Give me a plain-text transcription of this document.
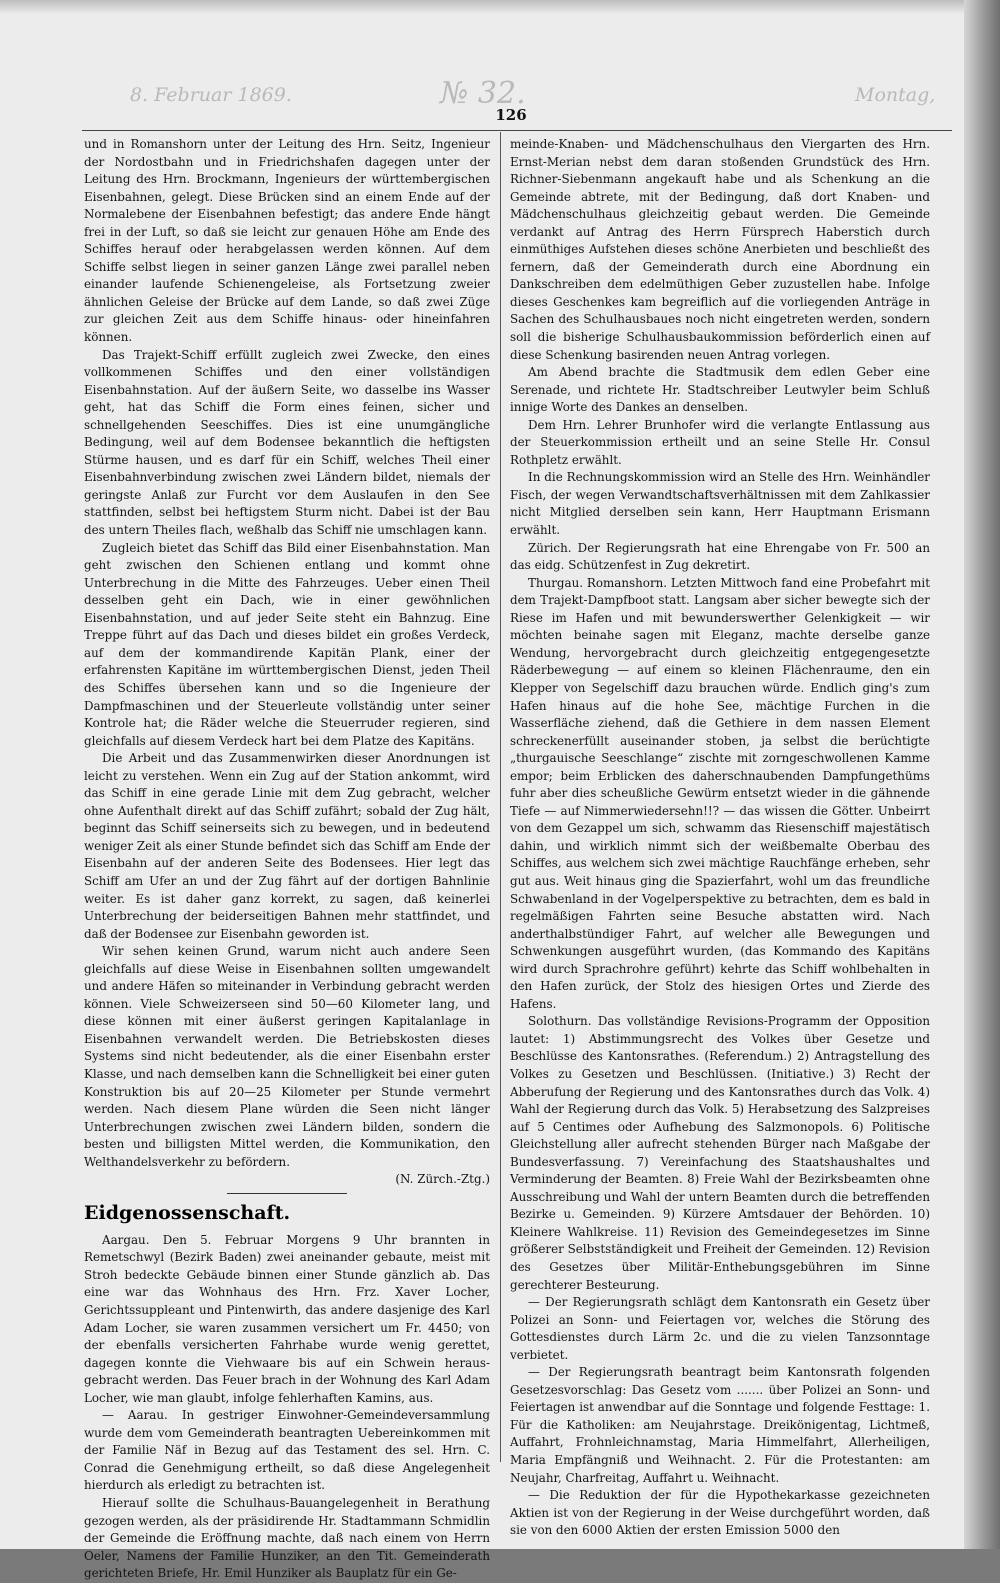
8. Februar 1869.	№ 32.	Montag,
126

und in Romanshorn unter der Leitung des Hrn. Seitz, Ingenieur der Nordostbahn und in Friedrichshafen dagegen unter der Leitung des Hrn. Brockmann, Ingenieurs der württembergischen Eisenbahnen, gelegt. Diese Brücken sind an einem Ende auf der Normalebene der Eisenbahnen befestigt; das andere Ende hängt frei in der Luft, so daß sie leicht zur genauen Höhe am Ende des Schiffes herauf oder herabgelassen werden können. Auf dem Schiffe selbst liegen in seiner ganzen Länge zwei parallel neben einander laufende Schienengeleise, als Fortsetzung zweier ähnlichen Geleise der Brücke auf dem Lande, so daß zwei Züge zur gleichen Zeit aus dem Schiffe hinaus- oder hineinfahren können.

Das Trajekt-Schiff erfüllt zugleich zwei Zwecke, den eines vollkommenen Schiffes und den einer vollständigen Eisenbahnstation. Auf der äußern Seite, wo dasselbe ins Wasser geht, hat das Schiff die Form eines feinen, sicher und schnellgehenden Seeschiffes. Dies ist eine unumgängliche Bedingung, weil auf dem Bodensee bekanntlich die heftigsten Stürme hausen, und es darf für ein Schiff, welches Theil einer Eisenbahnverbindung zwischen zwei Ländern bildet, niemals der geringste Anlaß zur Furcht vor dem Auslaufen in den See stattfinden, selbst bei heftigstem Sturm nicht. Dabei ist der Bau des untern Theiles flach, weßhalb das Schiff nie umschlagen kann.

Zugleich bietet das Schiff das Bild einer Eisenbahnstation. Man geht zwischen den Schienen entlang und kommt ohne Unterbrechung in die Mitte des Fahrzeuges. Ueber einen Theil desselben geht ein Dach, wie in einer gewöhnlichen Eisenbahnstation, und auf jeder Seite steht ein Bahnzug. Eine Treppe führt auf das Dach und dieses bildet ein großes Verdeck, auf dem der kommandirende Kapitän Plank, einer der erfahrensten Kapitäne im württembergischen Dienst, jeden Theil des Schiffes übersehen kann und so die Ingenieure der Dampfmaschinen und der Steuerleute vollständig unter seiner Kontrole hat; die Räder welche die Steuerruder regieren, sind gleichfalls auf diesem Verdeck hart bei dem Platze des Kapitäns.

Die Arbeit und das Zusammenwirken dieser Anordnungen ist leicht zu verstehen. Wenn ein Zug auf der Station ankommt, wird das Schiff in eine gerade Linie mit dem Zug gebracht, welcher ohne Aufenthalt direkt auf das Schiff zufährt; sobald der Zug hält, beginnt das Schiff seinerseits sich zu bewegen, und in bedeutend weniger Zeit als einer Stunde befindet sich das Schiff am Ende der Eisenbahn auf der anderen Seite des Bodensees. Hier legt das Schiff am Ufer an und der Zug fährt auf der dortigen Bahnlinie weiter. Es ist daher ganz korrekt, zu sagen, daß keinerlei Unterbrechung der beiderseitigen Bahnen mehr stattfindet, und daß der Bodensee zur Eisenbahn geworden ist.

Wir sehen keinen Grund, warum nicht auch andere Seen gleichfalls auf diese Weise in Eisenbahnen sollten umgewandelt und andere Häfen so miteinander in Verbindung gebracht werden können. Viele Schweizerseen sind 50—60 Kilometer lang, und diese können mit einer äußerst geringen Kapitalanlage in Eisenbahnen verwandelt werden. Die Betriebskosten dieses Systems sind nicht bedeutender, als die einer Eisenbahn erster Klasse, und nach demselben kann die Schnelligkeit bei einer guten Konstruktion bis auf 20—25 Kilometer per Stunde vermehrt werden. Nach diesem Plane würden die Seen nicht länger Unterbrechungen zwischen zwei Ländern bilden, sondern die besten und billigsten Mittel werden, die Kommunikation, den Welthandelsverkehr zu befördern.

(N. Zürch.-Ztg.)

Eidgenossenschaft.

Aargau. Den 5. Februar Morgens 9 Uhr brannten in Remetschwyl (Bezirk Baden) zwei aneinander gebaute, meist mit Stroh bedeckte Gebäude binnen einer Stunde gänzlich ab. Das eine war das Wohnhaus des Hrn. Frz. Xaver Locher, Gerichtssuppleant und Pintenwirth, das andere dasjenige des Karl Adam Locher, sie waren zusammen versichert um Fr. 4450; von der ebenfalls versicherten Fahrhabe wurde wenig gerettet, dagegen konnte die Viehwaare bis auf ein Schwein heraus-gebracht werden. Das Feuer brach in der Wohnung des Karl Adam Locher, wie man glaubt, infolge fehlerhaften Kamins, aus.

— Aarau. In gestriger Einwohner-Gemeindeversammlung wurde dem vom Gemeinderath beantragten Uebereinkommen mit der Familie Näf in Bezug auf das Testament des sel. Hrn. C. Conrad die Genehmigung ertheilt, so daß diese Angelegenheit hierdurch als erledigt zu betrachten ist.

Hierauf sollte die Schulhaus-Bauangelegenheit in Berathung gezogen werden, als der präsidirende Hr. Stadtammann Schmidlin der Gemeinde die Eröffnung machte, daß nach einem von Herrn Oeler, Namens der Familie Hunziker, an den Tit. Gemeinderath gerichteten Briefe, Hr. Emil Hunziker als Bauplatz für ein Ge-

meinde-Knaben- und Mädchenschulhaus den Viergarten des Hrn. Ernst-Merian nebst dem daran stoßenden Grundstück des Hrn. Richner-Siebenmann angekauft habe und als Schenkung an die Gemeinde abtrete, mit der Bedingung, daß dort Knaben- und Mädchenschulhaus gleichzeitig gebaut werden. Die Gemeinde verdankt auf Antrag des Herrn Fürsprech Haberstich durch einmüthiges Aufstehen dieses schöne Anerbieten und beschließt des fernern, daß der Gemeinderath durch eine Abordnung ein Dankschreiben dem edelmüthigen Geber zuzustellen habe. Infolge dieses Geschenkes kam begreiflich auf die vorliegenden Anträge in Sachen des Schulhausbaues noch nicht eingetreten werden, sondern soll die bisherige Schulhausbaukommission beförderlich einen auf diese Schenkung basirenden neuen Antrag vorlegen.

Am Abend brachte die Stadtmusik dem edlen Geber eine Serenade, und richtete Hr. Stadtschreiber Leutwyler beim Schluß innige Worte des Dankes an denselben.

Dem Hrn. Lehrer Brunhofer wird die verlangte Entlassung aus der Steuerkommission ertheilt und an seine Stelle Hr. Consul Rothpletz erwählt.

In die Rechnungskommission wird an Stelle des Hrn. Weinhändler Fisch, der wegen Verwandtschaftsverhältnissen mit dem Zahlkassier nicht Mitglied derselben sein kann, Herr Hauptmann Erismann erwählt.

Zürich. Der Regierungsrath hat eine Ehrengabe von Fr. 500 an das eidg. Schützenfest in Zug dekretirt.

Thurgau. Romanshorn. Letzten Mittwoch fand eine Probefahrt mit dem Trajekt-Dampfboot statt. Langsam aber sicher bewegte sich der Riese im Hafen und mit bewunderswerther Gelenkigkeit — wir möchten beinahe sagen mit Eleganz, machte derselbe ganze Wendung, hervorgebracht durch gleichzeitig entgegengesetzte Räderbewegung — auf einem so kleinen Flächenraume, den ein Klepper von Segelschiff dazu brauchen würde. Endlich ging's zum Hafen hinaus auf die hohe See, mächtige Furchen in die Wasserfläche ziehend, daß die Gethiere in dem nassen Element schreckenerfüllt auseinander stoben, ja selbst die berüchtigte „thurgauische Seeschlange“ zischte mit zorngeschwollenen Kamme empor; beim Erblicken des daherschnaubenden Dampfungethüms fuhr aber dies scheußliche Gewürm entsetzt wieder in die gähnende Tiefe — auf Nimmerwiedersehn!!? — das wissen die Götter. Unbeirrt von dem Gezappel um sich, schwamm das Riesenschiff majestätisch dahin, und wirklich nimmt sich der weißbemalte Oberbau des Schiffes, aus welchem sich zwei mächtige Rauchfänge erheben, sehr gut aus. Weit hinaus ging die Spazierfahrt, wohl um das freundliche Schwabenland in der Vogelperspektive zu betrachten, dem es bald in regelmäßigen Fahrten seine Besuche abstatten wird. Nach anderthalbstündiger Fahrt, auf welcher alle Bewegungen und Schwenkungen ausgeführt wurden, (das Kommando des Kapitäns wird durch Sprachrohre geführt) kehrte das Schiff wohlbehalten in den Hafen zurück, der Stolz des hiesigen Ortes und Zierde des Hafens.

Solothurn. Das vollständige Revisions-Programm der Opposition lautet: 1) Abstimmungsrecht des Volkes über Gesetze und Beschlüsse des Kantonsrathes. (Referendum.) 2) Antragstellung des Volkes zu Gesetzen und Beschlüssen. (Initiative.) 3) Recht der Abberufung der Regierung und des Kantonsrathes durch das Volk. 4) Wahl der Regierung durch das Volk. 5) Herabsetzung des Salzpreises auf 5 Centimes oder Aufhebung des Salzmonopols. 6) Politische Gleichstellung aller aufrecht stehenden Bürger nach Maßgabe der Bundesverfassung. 7) Vereinfachung des Staatshaushaltes und Verminderung der Beamten. 8) Freie Wahl der Bezirksbeamten ohne Ausschreibung und Wahl der untern Beamten durch die betreffenden Bezirke u. Gemeinden. 9) Kürzere Amtsdauer der Behörden. 10) Kleinere Wahlkreise. 11) Revision des Gemeindegesetzes im Sinne größerer Selbstständigkeit und Freiheit der Gemeinden. 12) Revision des Gesetzes über Militär-Enthebungsgebühren im Sinne gerechterer Besteurung.

— Der Regierungsrath schlägt dem Kantonsrath ein Gesetz über Polizei an Sonn- und Feiertagen vor, welches die Störung des Gottesdienstes durch Lärm 2c. und die zu vielen Tanzsonntage verbietet.

— Der Regierungsrath beantragt beim Kantonsrath folgenden Gesetzesvorschlag: Das Gesetz vom ....... über Polizei an Sonn- und Feiertagen ist anwendbar auf die Sonntage und folgende Festtage: 1. Für die Katholiken: am Neujahrstage. Dreikönigentag, Lichtmeß, Auffahrt, Frohnleichnamstag, Maria Himmelfahrt, Allerheiligen, Maria Empfängniß und Weihnacht. 2. Für die Protestanten: am Neujahr, Charfreitag, Auffahrt u. Weihnacht.

— Die Reduktion der für die Hypothekarkasse gezeichneten Aktien ist von der Regierung in der Weise durchgeführt worden, daß sie von den 6000 Aktien der ersten Emission 5000 den
